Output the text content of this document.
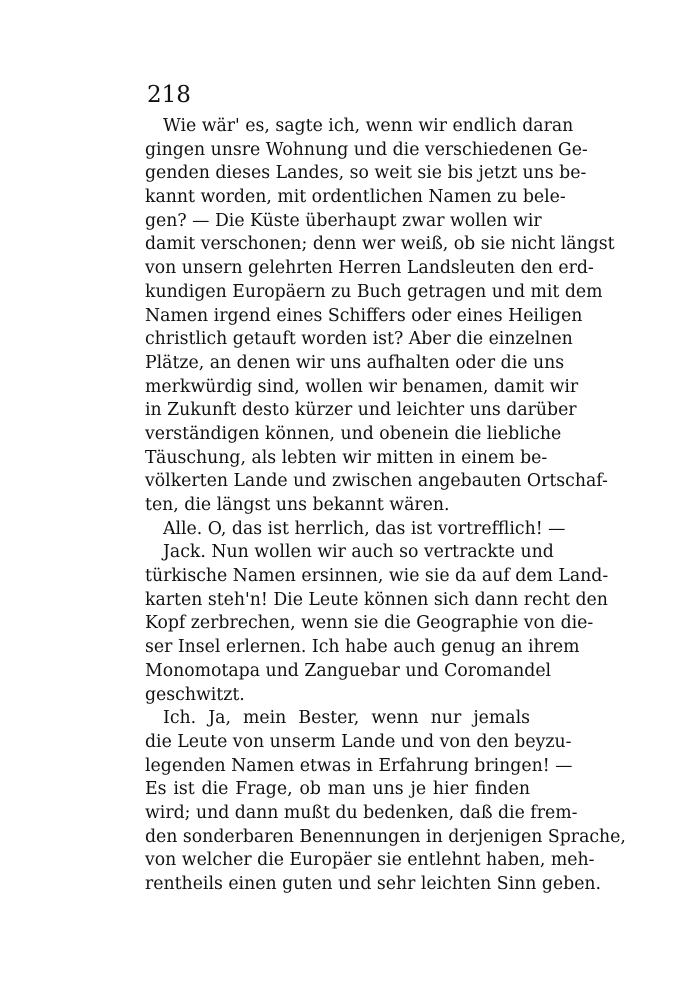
218
Wie wär' es, sagte ich, wenn wir endlich daran
gingen unsre Wohnung und die verschiedenen Ge-
genden dieses Landes, so weit sie bis jetzt uns be-
kannt worden, mit ordentlichen Namen zu bele-
gen? — Die Küste überhaupt zwar wollen wir
damit verschonen; denn wer weiß, ob sie nicht längst
von unsern gelehrten Herren Landsleuten den erd-
kundigen Europäern zu Buch getragen und mit dem
Namen irgend eines Schiffers oder eines Heiligen
christlich getauft worden ist? Aber die einzelnen
Plätze, an denen wir uns aufhalten oder die uns
merkwürdig sind, wollen wir benamen, damit wir
in Zukunft desto kürzer und leichter uns darüber
verständigen können, und obenein die liebliche
Täuschung, als lebten wir mitten in einem be-
völkerten Lande und zwischen angebauten Ortschaf-
ten, die längst uns bekannt wären.
Alle. O, das ist herrlich, das ist vortrefflich! —
Jack. Nun wollen wir auch so vertrackte und
türkische Namen ersinnen, wie sie da auf dem Land-
karten steh'n! Die Leute können sich dann recht den
Kopf zerbrechen, wenn sie die Geographie von die-
ser Insel erlernen. Ich habe auch genug an ihrem
Monomotapa und Zanguebar und Coromandel
geschwitzt.
Ich. Ja, mein Bester, wenn nur jemals
die Leute von unserm Lande und von den beyzu-
legenden Namen etwas in Erfahrung bringen! —
Es ist die Frage, ob man uns je hier finden
wird; und dann mußt du bedenken, daß die frem-
den sonderbaren Benennungen in derjenigen Sprache,
von welcher die Europäer sie entlehnt haben, meh-
rentheils einen guten und sehr leichten Sinn geben.
